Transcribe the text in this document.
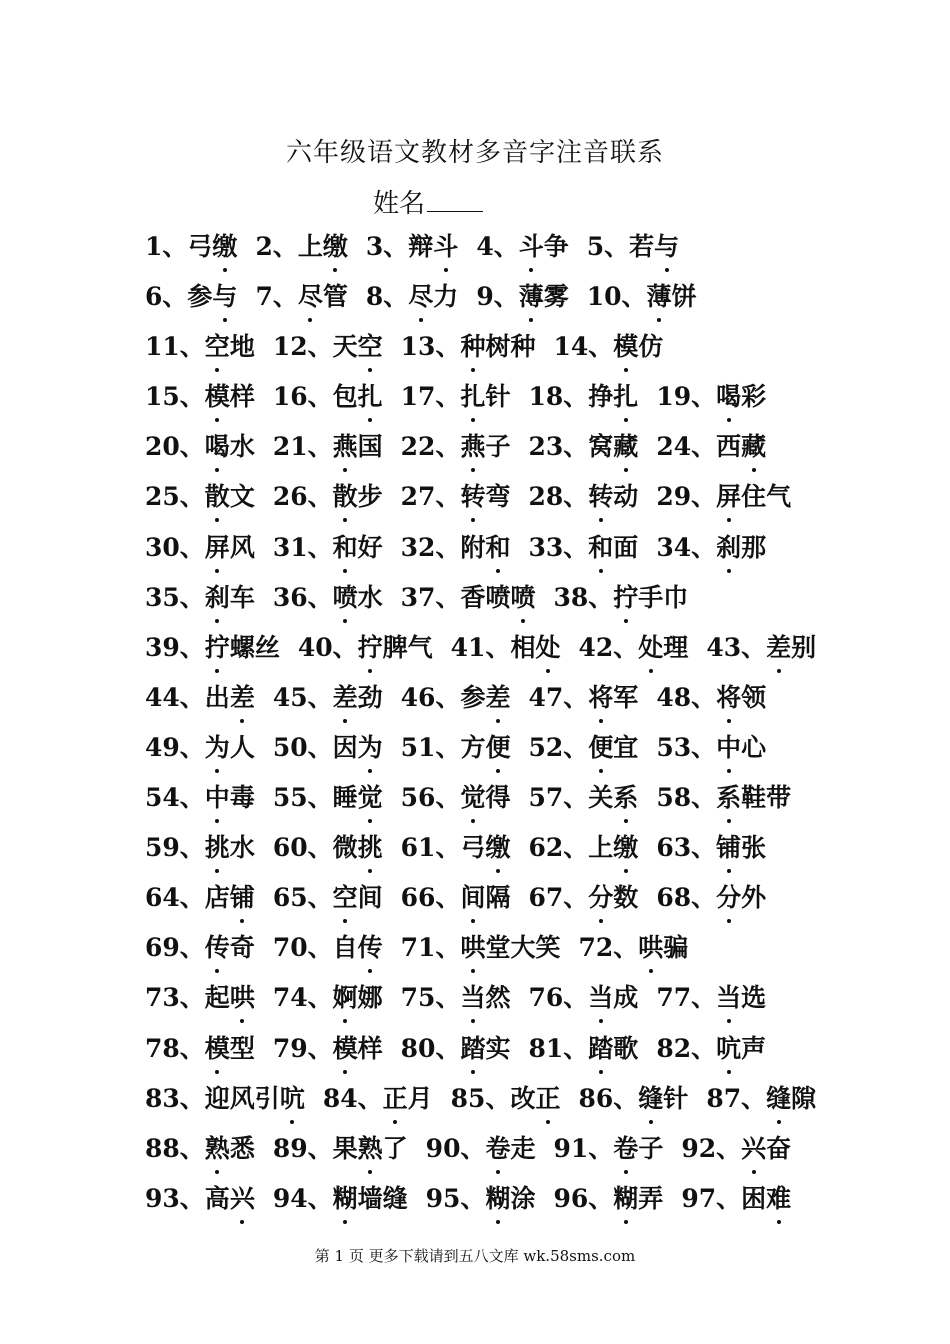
六年级语文教材多音字注音联系
姓名
1、弓缴 2、上缴 3、辩斗 4、斗争 5、若与
6、参与 7、尽管 8、尽力 9、薄雾 10、薄饼
11、空地 12、天空 13、种树种 14、模仿
15、模样 16、包扎 17、扎针 18、挣扎 19、喝彩
20、喝水 21、燕国 22、燕子 23、窝藏 24、西藏
25、散文 26、散步 27、转弯 28、转动 29、屏住气
30、屏风 31、和好 32、附和 33、和面 34、刹那
35、刹车 36、喷水 37、香喷喷 38、拧手巾
39、拧螺丝 40、拧脾气 41、相处 42、处理 43、差别
44、出差 45、差劲 46、参差 47、将军 48、将领
49、为人 50、因为 51、方便 52、便宜 53、中心
54、中毒 55、睡觉 56、觉得 57、关系 58、系鞋带
59、挑水 60、微挑 61、弓缴 62、上缴 63、铺张
64、店铺 65、空间 66、间隔 67、分数 68、分外
69、传奇 70、自传 71、哄堂大笑 72、哄骗
73、起哄 74、婀娜 75、当然 76、当成 77、当选
78、模型 79、模样 80、踏实 81、踏歌 82、吭声
83、迎风引吭 84、正月 85、改正 86、缝针 87、缝隙
88、熟悉 89、果熟了 90、卷走 91、卷子 92、兴奋
93、高兴 94、糊墙缝 95、糊涂 96、糊弄 97、困难
第 1 页 更多下载请到五八文库 wk.58sms.com
